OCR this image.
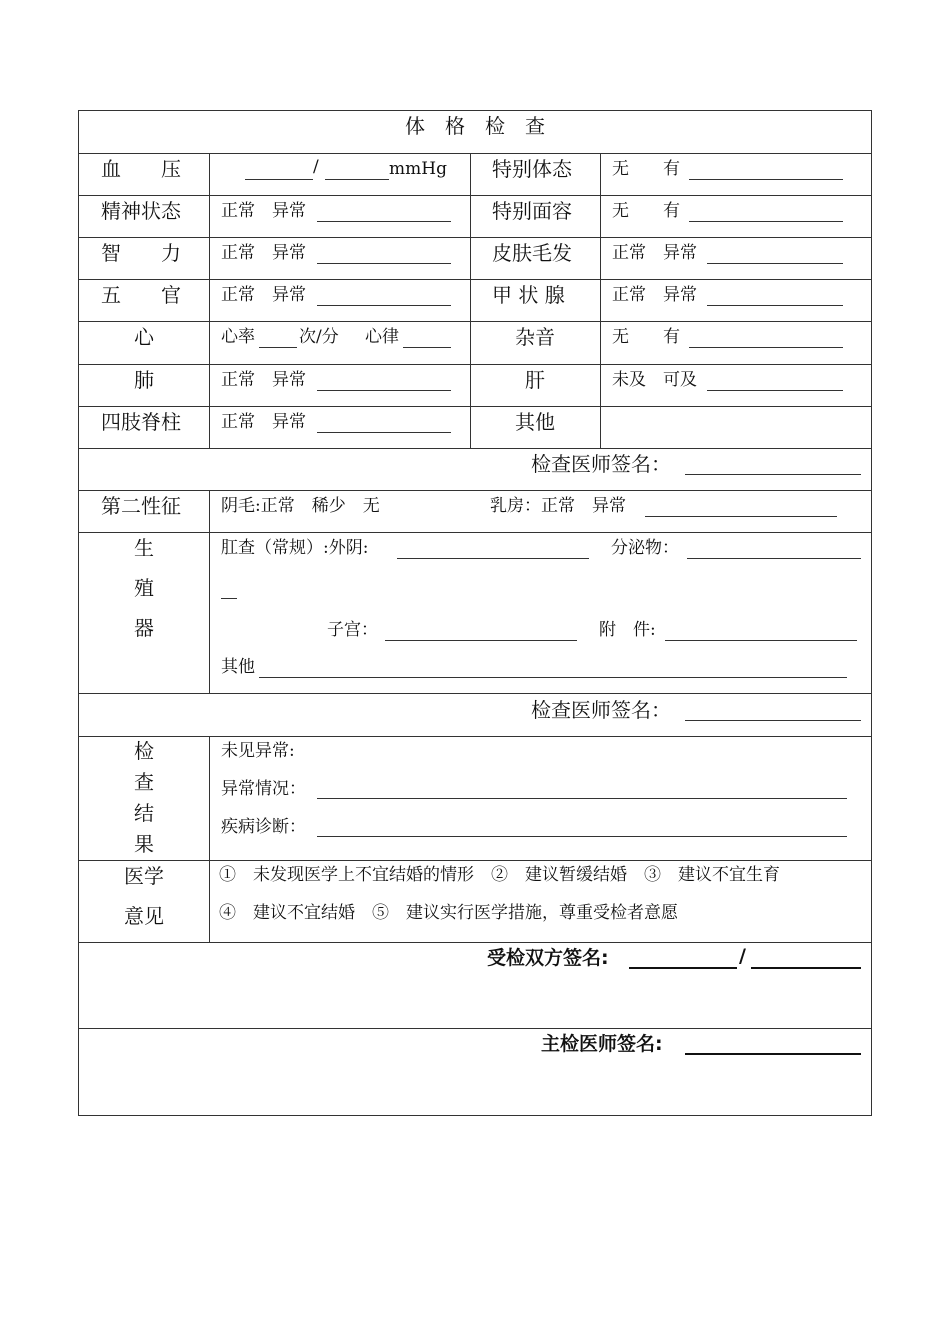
体　格　检　查
血　　压	/	mmHg 特别体态 无　　有
精神状态 正常　异常	特别面容 无　　有
智　　力 正常　异常	皮肤毛发 正常　异常
五　　官 正常　异常	甲 状 腺	正常　异常
心	心率	次/分 心律	杂音	无　　有
肺	正常　异常	肝	未及　可及
四肢脊柱 正常　异常	其他
检查医师签名：
第二性征 阴毛:正常　稀少　无	乳房：正常　异常
生
殖
器
肛查（常规）:外阴:	分泌物：
子宫：	附　件:
其他
检查医师签名：
检
查
结
果
未见异常:
异常情况：
疾病诊断：
医学
意见
①　未发现医学上不宜结婚的情形　②　建议暂缓结婚　③　建议不宜生育
④　建议不宜结婚　⑤　建议实行医学措施，尊重受检者意愿
受检双方签名:	/
主检医师签名:
